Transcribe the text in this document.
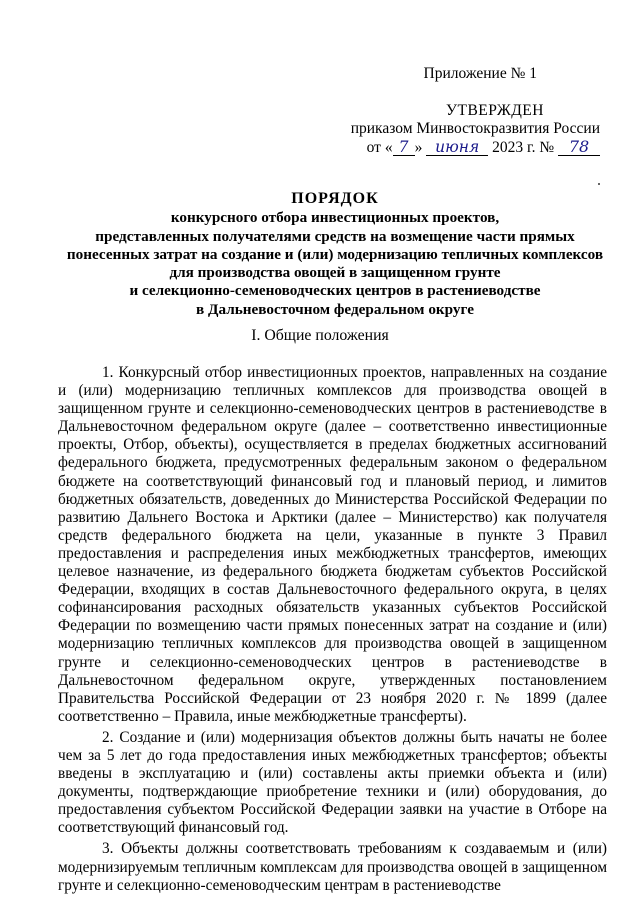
Приложение № 1
УТВЕРЖДЕН
приказом Минвостокразвития России
от « 7 » июня 2023 г. № 78
ПОРЯДОК
конкурсного отбора инвестиционных проектов,
представленных получателями средств на возмещение части прямых
понесенных затрат на создание и (или) модернизацию тепличных комплексов
для производства овощей в защищенном грунте
и селекционно-семеноводческих центров в растениеводстве
в Дальневосточном федеральном округе
I. Общие положения

1. Конкурсный отбор инвестиционных проектов, направленных на создание и (или) модернизацию тепличных комплексов для производства овощей в защищенном грунте и селекционно-семеноводческих центров в растениеводстве в Дальневосточном федеральном округе (далее – соответственно инвестиционные проекты, Отбор, объекты), осуществляется в пределах бюджетных ассигнований федерального бюджета, предусмотренных федеральным законом о федеральном бюджете на соответствующий финансовый год и плановый период, и лимитов бюджетных обязательств, доведенных до Министерства Российской Федерации по развитию Дальнего Востока и Арктики (далее – Министерство) как получателя средств федерального бюджета на цели, указанные в пункте 3 Правил предоставления и распределения иных межбюджетных трансфертов, имеющих целевое назначение, из федерального бюджета бюджетам субъектов Российской Федерации, входящих в состав Дальневосточного федерального округа, в целях софинансирования расходных обязательств указанных субъектов Российской Федерации по возмещению части прямых понесенных затрат на создание и (или) модернизацию тепличных комплексов для производства овощей в защищенном грунте и селекционно-семеноводческих центров в растениеводстве в Дальневосточном федеральном округе, утвержденных постановлением Правительства Российской Федерации от 23 ноября 2020 г. № 1899 (далее соответственно – Правила, иные межбюджетные трансферты).

2. Создание и (или) модернизация объектов должны быть начаты не более чем за 5 лет до года предоставления иных межбюджетных трансфертов; объекты введены в эксплуатацию и (или) составлены акты приемки объекта и (или) документы, подтверждающие приобретение техники и (или) оборудования, до предоставления субъектом Российской Федерации заявки на участие в Отборе на соответствующий финансовый год.

3. Объекты должны соответствовать требованиям к создаваемым и (или) модернизируемым тепличным комплексам для производства овощей в защищенном грунте и селекционно-семеноводческим центрам в растениеводстве
